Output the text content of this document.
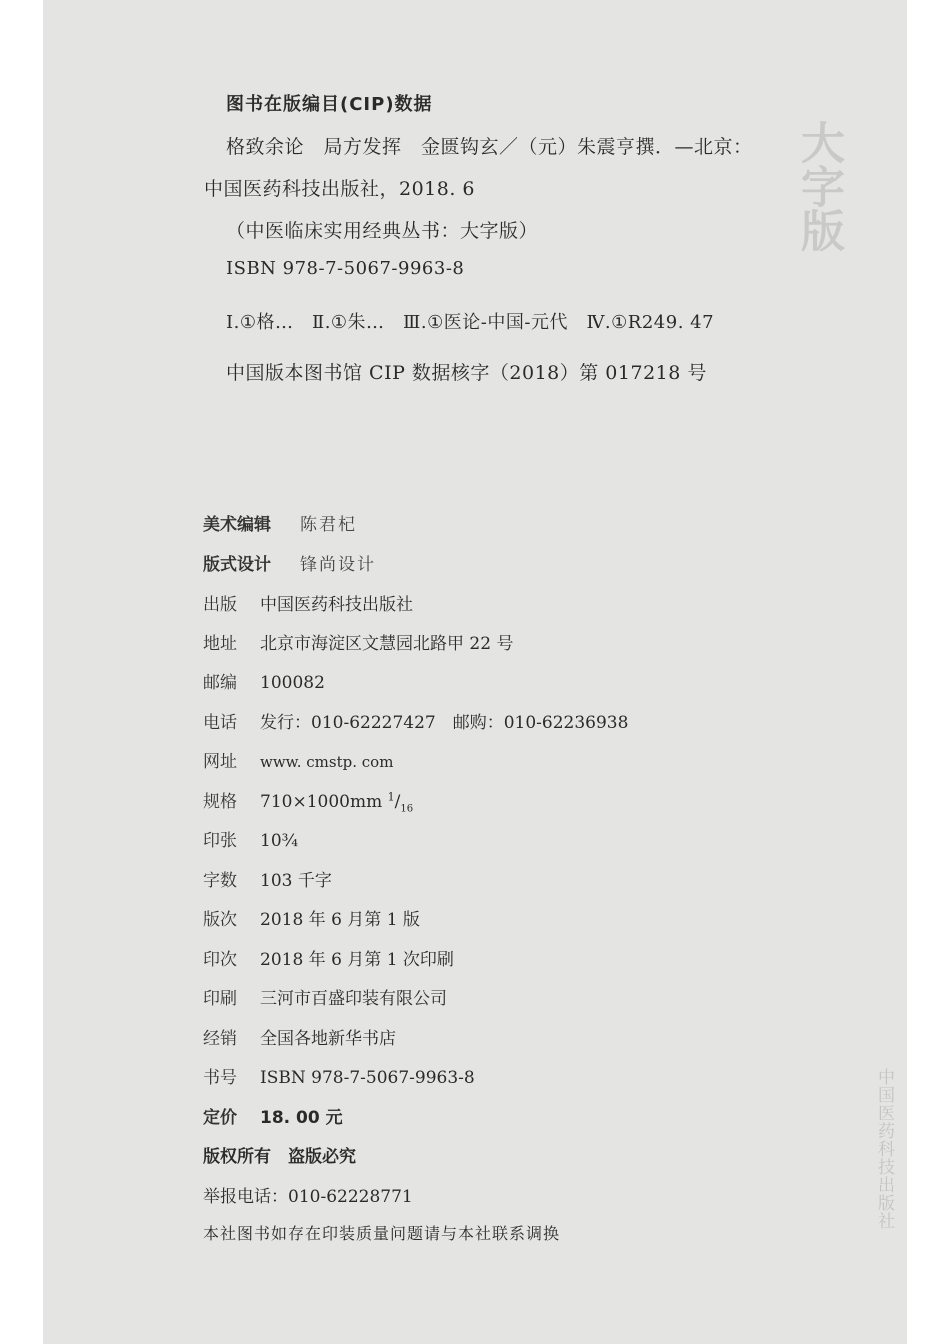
大字版
中国医药科技出版社
图书在版编目(CIP)数据
格致余论　局方发挥　金匮钩玄／（元）朱震亨撰．—北京：
中国医药科技出版社，2018. 6
（中医临床实用经典丛书：大字版）
ISBN 978-7-5067-9963-8
Ⅰ.①格…　Ⅱ.①朱…　Ⅲ.①医论-中国-元代　Ⅳ.①R249. 47
中国版本图书馆 CIP 数据核字（2018）第 017218 号
美术编辑 陈君杞
版式设计 锋尚设计
出版 中国医药科技出版社
地址 北京市海淀区文慧园北路甲 22 号
邮编 100082
电话 发行：010-62227427　邮购：010-62236938
网址 www. cmstp. com
规格 710×1000mm $^1/_{16}$
印张 10¾
字数 103 千字
版次 2018 年 6 月第 1 版
印次 2018 年 6 月第 1 次印刷
印刷 三河市百盛印装有限公司
经销 全国各地新华书店
书号 ISBN 978-7-5067-9963-8
定价 18. 00 元
版权所有　盗版必究
举报电话：010-62228771
本社图书如存在印装质量问题请与本社联系调换
